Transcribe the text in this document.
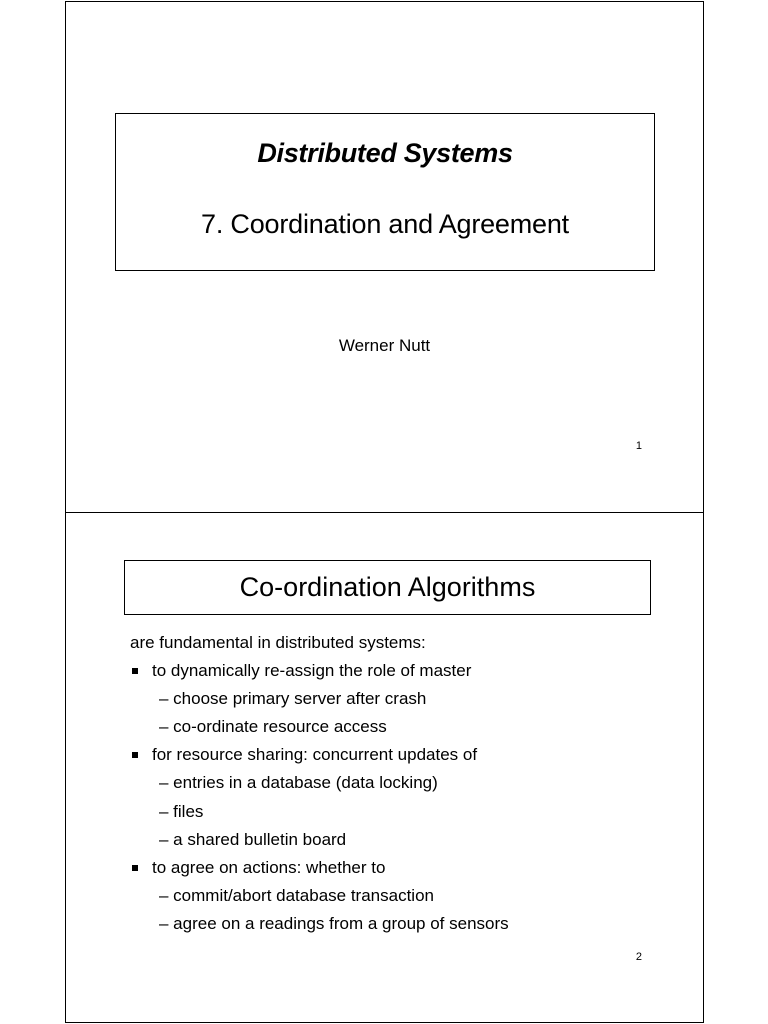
Distributed Systems
7. Coordination and Agreement
Werner Nutt
1
Co-ordination Algorithms
are fundamental in distributed systems:
to dynamically re-assign the role of master
– choose primary server after crash
– co-ordinate resource access
for resource sharing: concurrent updates of
– entries in a database (data locking)
– files
– a shared bulletin board
to agree on actions: whether to
– commit/abort database transaction
– agree on a readings from a group of sensors
2
